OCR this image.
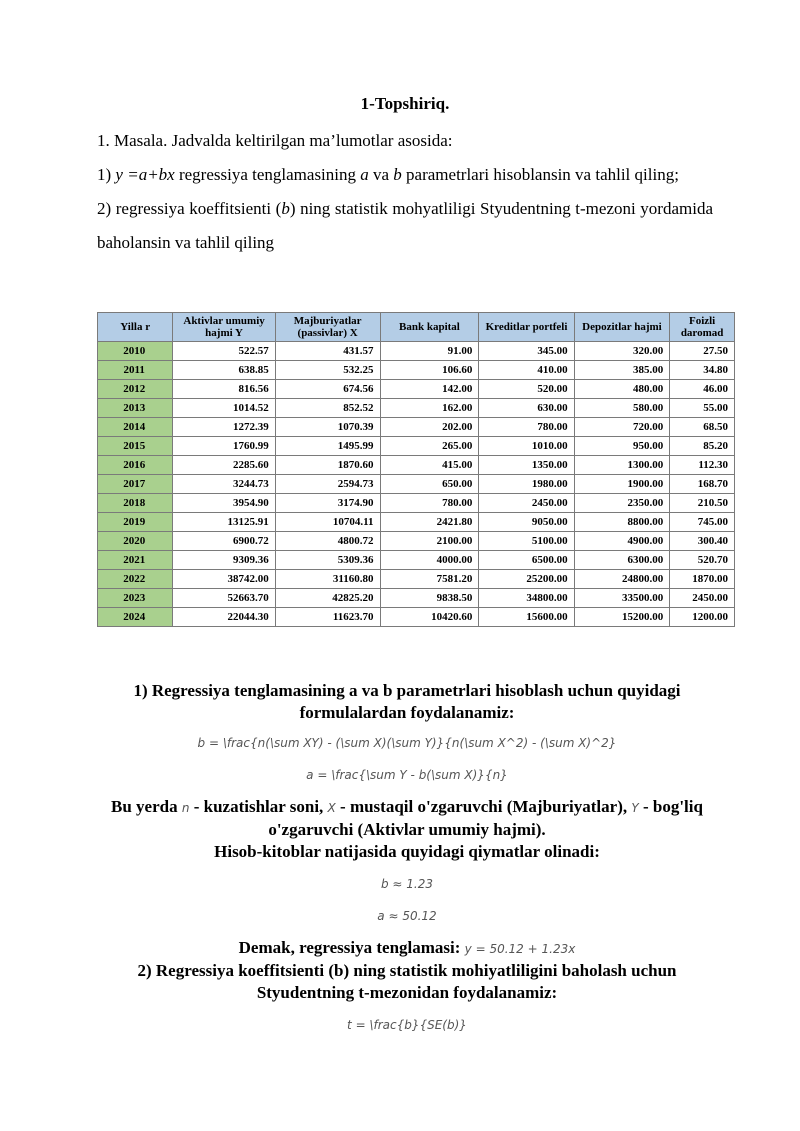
1-Topshiriq.

1. Masala. Jadvalda keltirilgan ma’lumotlar asosida:

1) y =a+bx regressiya tenglamasining a va b parametrlari hisoblansin va tahlil qiling;

2) regressiya koeffitsienti (b) ning statistik mohyatliligi Styudentning t-mezoni yordamida baholansin va tahlil qiling

Yilla r	Aktivlar umumiy hajmi Y	Majburiyatlar (passivlar) X	Bank kapital	Kreditlar portfeli	Depozitlar hajmi	Foizli daromad
2010	522.57	431.57	91.00	345.00	320.00	27.50
2011	638.85	532.25	106.60	410.00	385.00	34.80
2012	816.56	674.56	142.00	520.00	480.00	46.00
2013	1014.52	852.52	162.00	630.00	580.00	55.00
2014	1272.39	1070.39	202.00	780.00	720.00	68.50
2015	1760.99	1495.99	265.00	1010.00	950.00	85.20
2016	2285.60	1870.60	415.00	1350.00	1300.00	112.30
2017	3244.73	2594.73	650.00	1980.00	1900.00	168.70
2018	3954.90	3174.90	780.00	2450.00	2350.00	210.50
2019	13125.91	10704.11	2421.80	9050.00	8800.00	745.00
2020	6900.72	4800.72	2100.00	5100.00	4900.00	300.40
2021	9309.36	5309.36	4000.00	6500.00	6300.00	520.70
2022	38742.00	31160.80	7581.20	25200.00	24800.00	1870.00
2023	52663.70	42825.20	9838.50	34800.00	33500.00	2450.00
2024	22044.30	11623.70	10420.60	15600.00	15200.00	1200.00

1) Regressiya tenglamasining a va b parametrlari hisoblash uchun quyidagi formulalardan foydalanamiz:

b = \frac{n(\sum XY) - (\sum X)(\sum Y)}{n(\sum X^2) - (\sum X)^2}

a = \frac{\sum Y - b(\sum X)}{n}

Bu yerda n - kuzatishlar soni, X - mustaqil o'zgaruvchi (Majburiyatlar), Y - bog'liq o'zgaruvchi (Aktivlar umumiy hajmi).

Hisob-kitoblar natijasida quyidagi qiymatlar olinadi:

b ≈ 1.23

a ≈ 50.12

Demak, regressiya tenglamasi: y = 50.12 + 1.23x

2) Regressiya koeffitsienti (b) ning statistik mohiyatliligini baholash uchun Styudentning t-mezonidan foydalanamiz:

t = \frac{b}{SE(b)}
